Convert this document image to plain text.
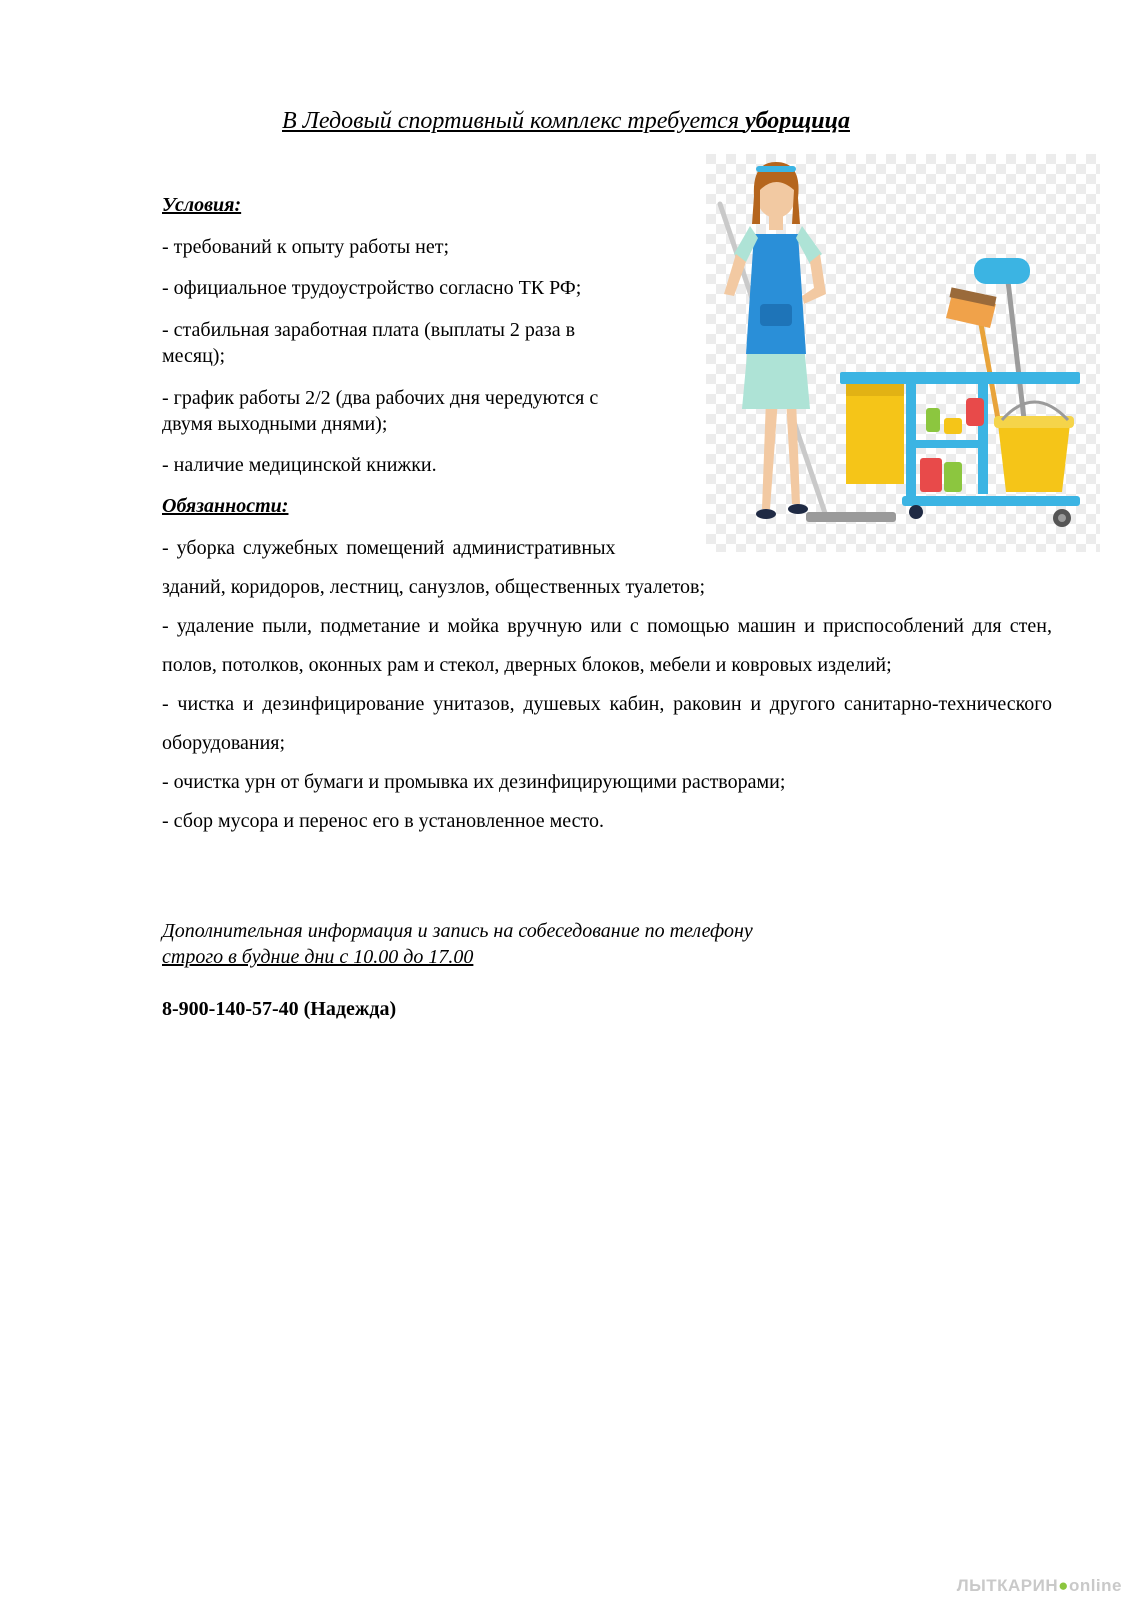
В Ледовый спортивный комплекс требуется уборщица
Условия:
- требований к опыту работы нет;
- официальное трудоустройство согласно ТК РФ;
- стабильная заработная плата (выплаты 2 раза в
месяц);
- график работы 2/2 (два рабочих дня чередуются с
двумя выходными днями);
- наличие медицинской книжки.
Обязанности:
- уборка служебных помещений административных
зданий, коридоров, лестниц, санузлов, общественных туалетов;
- удаление пыли, подметание и мойка вручную или с помощью машин и приспособлений для стен, полов, потолков, оконных рам и стекол, дверных блоков, мебели и ковровых изделий;
- чистка и дезинфицирование унитазов, душевых кабин, раковин и другого санитарно-технического оборудования;
- очистка урн от бумаги и промывка их дезинфицирующими растворами;
- сбор мусора и перенос его в установленное место.
Дополнительная информация и запись на собеседование по телефону
строго в будние дни с 10.00 до 17.00
8-900-140-57-40 (Надежда)
ЛЫТКАРИН●online
